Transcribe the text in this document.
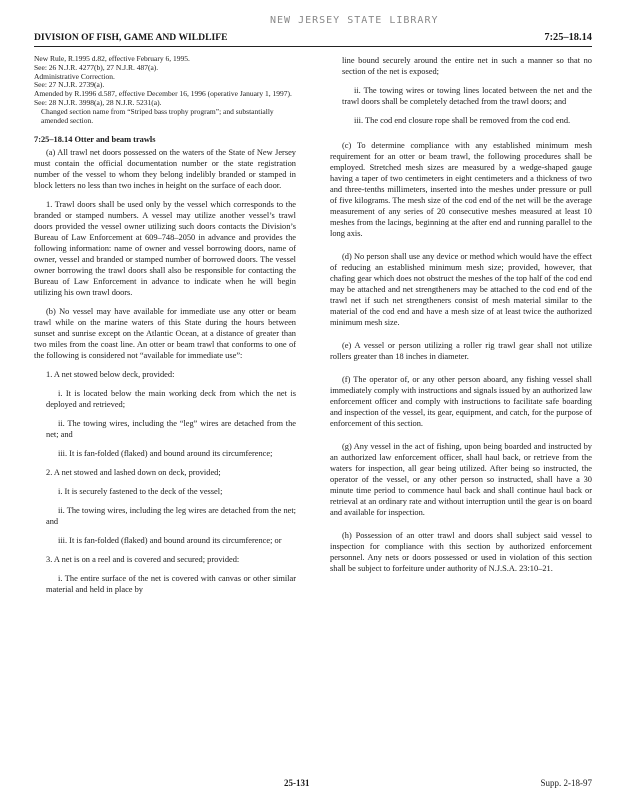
NEW JERSEY STATE LIBRARY
DIVISION OF FISH, GAME AND WILDLIFE	7:25–18.14

New Rule, R.1995 d.82, effective February 6, 1995.

See: 26 N.J.R. 4277(b), 27 N.J.R. 487(a).

Administrative Correction.

See: 27 N.J.R. 2739(a).

Amended by R.1996 d.587, effective December 16, 1996 (operative January 1, 1997).

See: 28 N.J.R. 3998(a), 28 N.J.R. 5231(a).

Changed section name from “Striped bass trophy program”; and substantially amended section.

7:25–18.14 Otter and beam trawls

(a) All trawl net doors possessed on the waters of the State of New Jersey must contain the official documentation number or the state registration number of the vessel to whom they belong indelibly branded or stamped in block letters no less than two inches in height on the surface of each door.

1. Trawl doors shall be used only by the vessel which corresponds to the branded or stamped numbers. A vessel may utilize another vessel’s trawl doors provided the vessel owner utilizing such doors contacts the Division’s Bureau of Law Enforcement at 609–748–2050 in advance and provides the following information: name of owner and vessel borrowing doors, name of owner, vessel and branded or stamped number of borrowed doors. The vessel owner borrowing the trawl doors shall also be responsible for contacting the Bureau of Law Enforcement in advance to indicate when he will begin utilizing his own trawl doors.

(b) No vessel may have available for immediate use any otter or beam trawl while on the marine waters of this State during the hours between sunset and sunrise except on the Atlantic Ocean, at a distance of greater than two miles from the coast line. An otter or beam trawl that conforms to one of the following is considered not “available for immediate use”:

1. A net stowed below deck, provided:

i. It is located below the main working deck from which the net is deployed and retrieved;

ii. The towing wires, including the “leg” wires are detached from the net; and

iii. It is fan-folded (flaked) and bound around its circumference;

2. A net stowed and lashed down on deck, provided;

i. It is securely fastened to the deck of the vessel;

ii. The towing wires, including the leg wires are detached from the net; and

iii. It is fan-folded (flaked) and bound around its circumference; or

3. A net is on a reel and is covered and secured; provided:

i. The entire surface of the net is covered with canvas or other similar material and held in place by

line bound securely around the entire net in such a manner so that no section of the net is exposed;

ii. The towing wires or towing lines located between the net and the trawl doors shall be completely detached from the trawl doors; and

iii. The cod end closure rope shall be removed from the cod end.

(c) To determine compliance with any established minimum mesh requirement for an otter or beam trawl, the following procedures shall be employed. Stretched mesh sizes are measured by a wedge-shaped gauge having a taper of two centimeters in eight centimeters and a thickness of two and three-tenths millimeters, inserted into the meshes under pressure or pull of five kilograms. The mesh size of the cod end of the net will be the average measurement of any series of 20 consecutive meshes measured at least 10 meshes from the lacings, beginning at the after end and running parallel to the long axis.

(d) No person shall use any device or method which would have the effect of reducing an established minimum mesh size; provided, however, that chafing gear which does not obstruct the meshes of the top half of the cod end may be attached and net strengtheners may be attached to the cod end of the trawl net if such net strengtheners consist of mesh material similar to the material of the cod end and have a mesh size of at least twice the authorized minimum mesh size.

(e) A vessel or person utilizing a roller rig trawl gear shall not utilize rollers greater than 18 inches in diameter.

(f) The operator of, or any other person aboard, any fishing vessel shall immediately comply with instructions and signals issued by an authorized law enforcement officer and comply with instructions to facilitate safe boarding and inspection of the vessel, its gear, equipment, and catch, for the purpose of enforcement of this section.

(g) Any vessel in the act of fishing, upon being boarded and instructed by an authorized law enforcement officer, shall haul back, or retrieve from the waters for inspection, all gear being utilized. After being so instructed, the operator of the vessel, or any other person so instructed, shall have a 30 minute time period to commence haul back and shall continue haul back or retrieval at an ordinary rate and without interruption until the gear is on board and available for inspection.

(h) Possession of an otter trawl and doors shall subject said vessel to inspection for compliance with this section by authorized enforcement personnel. Any nets or doors possessed or used in violation of this section shall be subject to forfeiture under authority of N.J.S.A. 23:10–21.

25-131	Supp. 2-18-97
